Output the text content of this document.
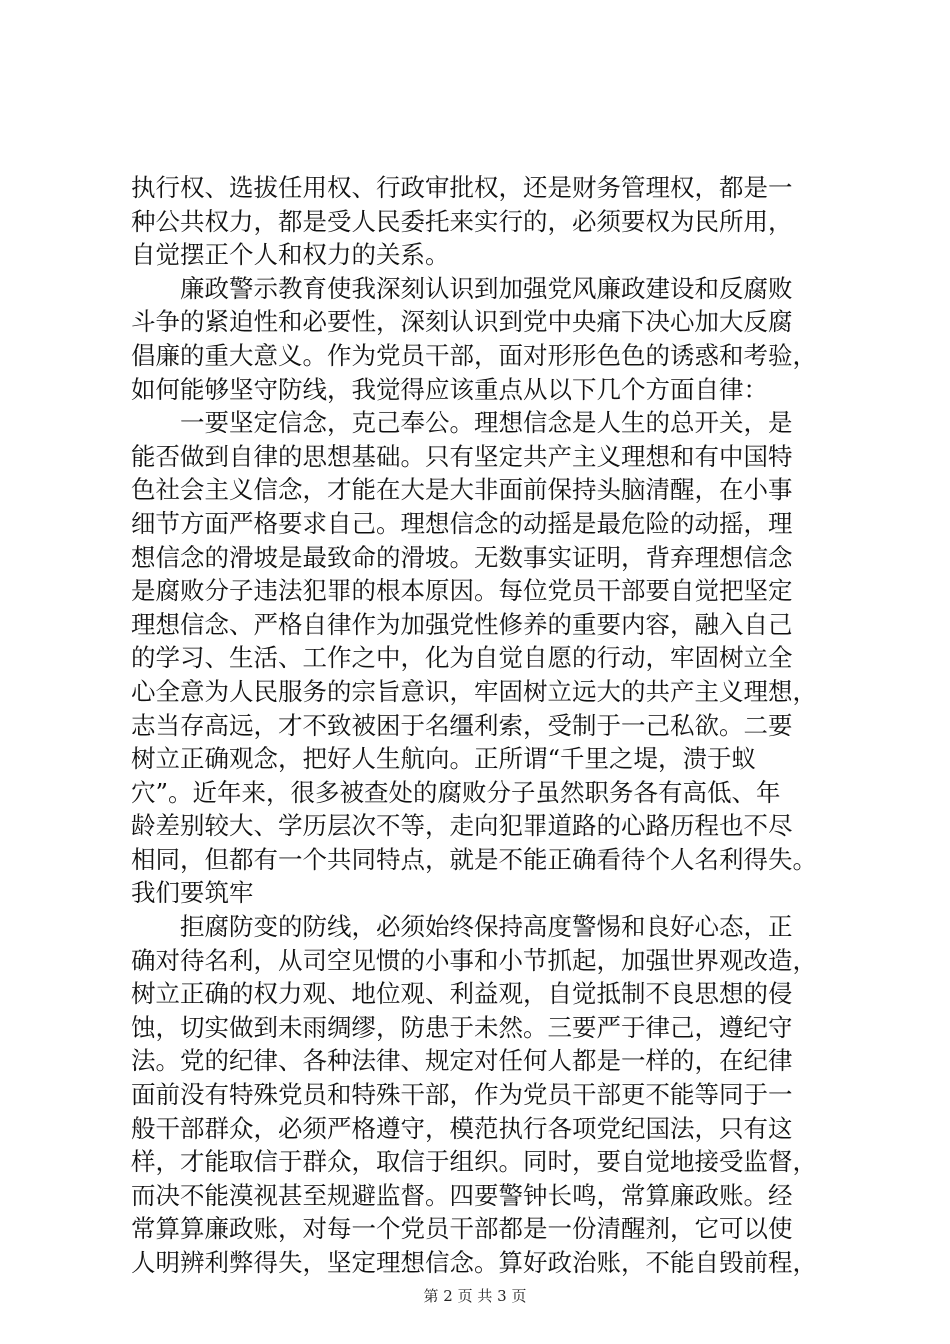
执行权、选拔任用权、行政审批权，还是财务管理权，都是一
种公共权力，都是受人民委托来实行的，必须要权为民所用，
自觉摆正个人和权力的关系。
廉政警示教育使我深刻认识到加强党风廉政建设和反腐败
斗争的紧迫性和必要性，深刻认识到党中央痛下决心加大反腐
倡廉的重大意义。作为党员干部，面对形形色色的诱惑和考验，
如何能够坚守防线，我觉得应该重点从以下几个方面自律：
一要坚定信念，克己奉公。理想信念是人生的总开关，是
能否做到自律的思想基础。只有坚定共产主义理想和有中国特
色社会主义信念，才能在大是大非面前保持头脑清醒，在小事
细节方面严格要求自己。理想信念的动摇是最危险的动摇，理
想信念的滑坡是最致命的滑坡。无数事实证明，背弃理想信念
是腐败分子违法犯罪的根本原因。每位党员干部要自觉把坚定
理想信念、严格自律作为加强党性修养的重要内容，融入自己
的学习、生活、工作之中，化为自觉自愿的行动，牢固树立全
心全意为人民服务的宗旨意识，牢固树立远大的共产主义理想，
志当存高远，才不致被困于名缰利索，受制于一己私欲。二要
树立正确观念，把好人生航向。正所谓“千里之堤，溃于蚁
穴”。近年来，很多被查处的腐败分子虽然职务各有高低、年
龄差别较大、学历层次不等，走向犯罪道路的心路历程也不尽
相同，但都有一个共同特点，就是不能正确看待个人名利得失。
我们要筑牢
拒腐防变的防线，必须始终保持高度警惕和良好心态，正
确对待名利，从司空见惯的小事和小节抓起，加强世界观改造，
树立正确的权力观、地位观、利益观，自觉抵制不良思想的侵
蚀，切实做到未雨绸缪，防患于未然。三要严于律己，遵纪守
法。党的纪律、各种法律、规定对任何人都是一样的，在纪律
面前没有特殊党员和特殊干部，作为党员干部更不能等同于一
般干部群众，必须严格遵守，模范执行各项党纪国法，只有这
样，才能取信于群众，取信于组织。同时，要自觉地接受监督，
而决不能漠视甚至规避监督。四要警钟长鸣，常算廉政账。经
常算算廉政账，对每一个党员干部都是一份清醒剂，它可以使
人明辨利弊得失，坚定理想信念。算好政治账，不能自毁前程，
第 2 页 共 3 页
